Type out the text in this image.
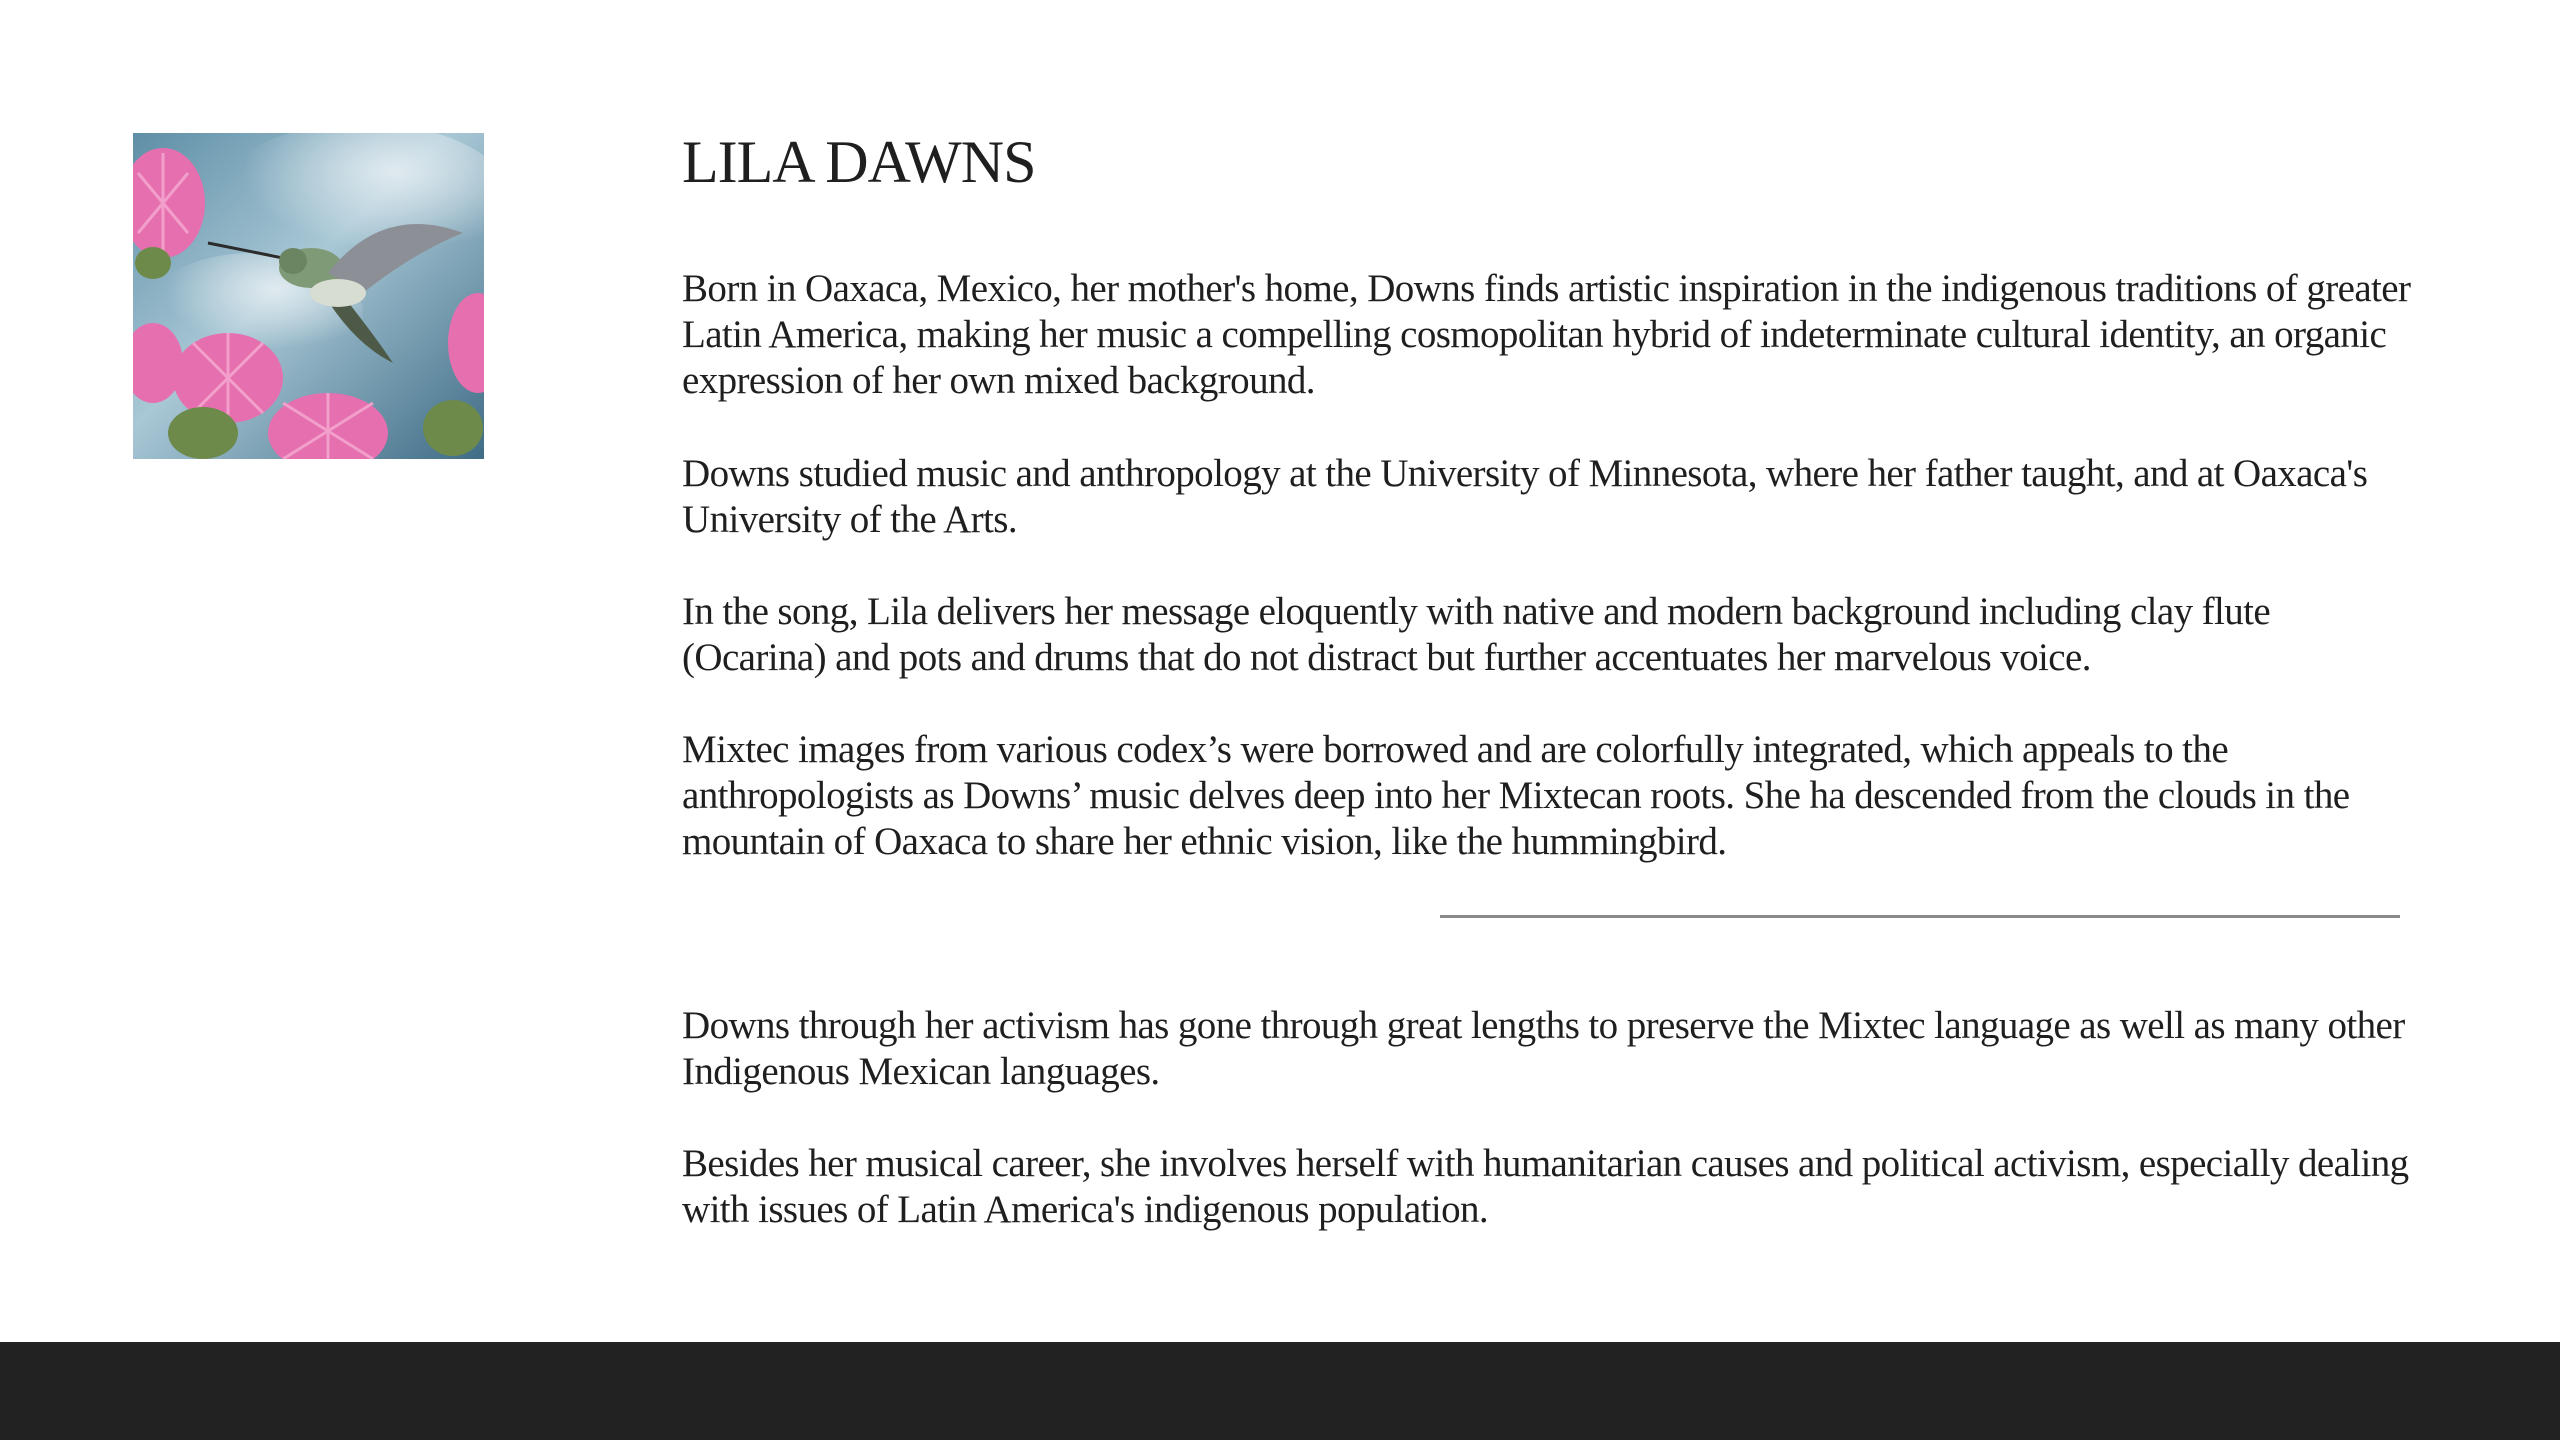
LILA DAWNS

Born in Oaxaca, Mexico, her mother's home, Downs finds artistic inspiration in the indigenous traditions of greater Latin America, making her music a compelling cosmopolitan hybrid of indeterminate cultural identity, an organic expression of her own mixed background.

Downs studied music and anthropology at the University of Minnesota, where her father taught, and at Oaxaca's University of the Arts.

In the song, Lila delivers her message eloquently with native and modern background including clay flute (Ocarina) and pots and drums that do not distract but further accentuates her marvelous voice.

Mixtec images from various codex’s were borrowed and are colorfully integrated, which appeals to the anthropologists as Downs’ music delves deep into her Mixtecan roots. She ha descended from the clouds in the mountain of Oaxaca to share her ethnic vision, like the hummingbird.

Downs through her activism has gone through great lengths to preserve the Mixtec language as well as many other Indigenous Mexican languages.

Besides her musical career, she involves herself with humanitarian causes and political activism, especially dealing with issues of Latin America's indigenous population.
